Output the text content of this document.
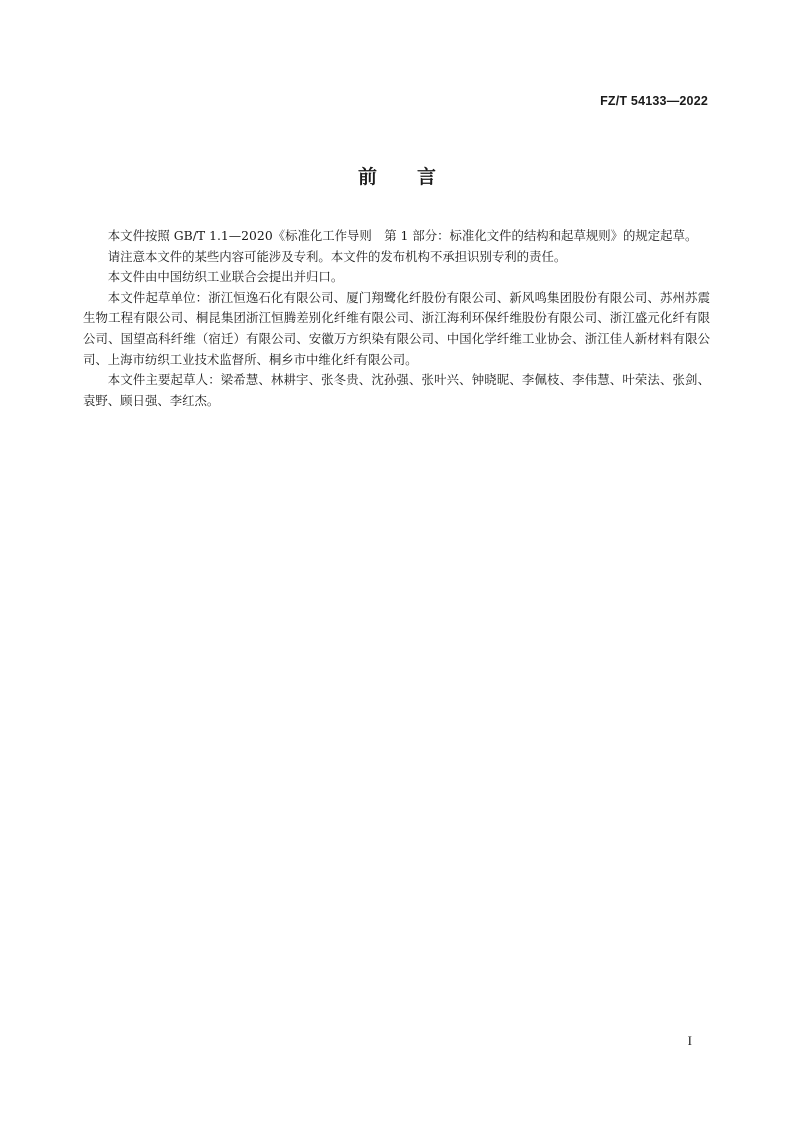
FZ/T 54133—2022
前 言

本文件按照 GB/T 1.1—2020《标准化工作导则　第 1 部分：标准化文件的结构和起草规则》的规定起草。

请注意本文件的某些内容可能涉及专利。本文件的发布机构不承担识别专利的责任。

本文件由中国纺织工业联合会提出并归口。

本文件起草单位：浙江恒逸石化有限公司、厦门翔鹭化纤股份有限公司、新风鸣集团股份有限公司、苏州苏震生物工程有限公司、桐昆集团浙江恒腾差别化纤维有限公司、浙江海利环保纤维股份有限公司、浙江盛元化纤有限公司、国望高科纤维（宿迁）有限公司、安徽万方织染有限公司、中国化学纤维工业协会、浙江佳人新材料有限公司、上海市纺织工业技术监督所、桐乡市中维化纤有限公司。

本文件主要起草人：梁希慧、林耕宇、张冬贵、沈孙强、张叶兴、钟晓昵、李佩枝、李伟慧、叶荣法、张剑、袁野、顾日强、李红杰。

I
